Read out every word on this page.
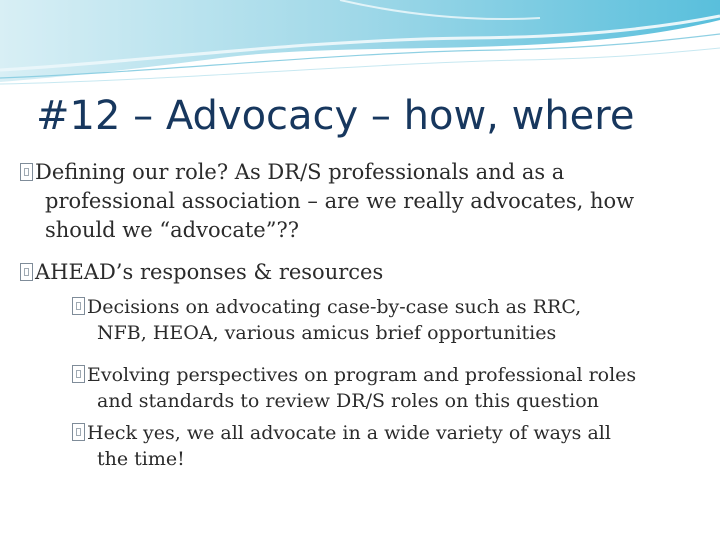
#12 – Advocacy – how, where
Defining our role? As DR/S professionals and as a
professional association – are we really advocates, how
should we “advocate”??
AHEAD’s responses & resources
Decisions on advocating case-by-case such as RRC,
NFB, HEOA, various amicus brief opportunities
Evolving perspectives on program and professional roles
and standards to review DR/S roles on this question
Heck yes, we all advocate in a wide variety of ways all
the time!
